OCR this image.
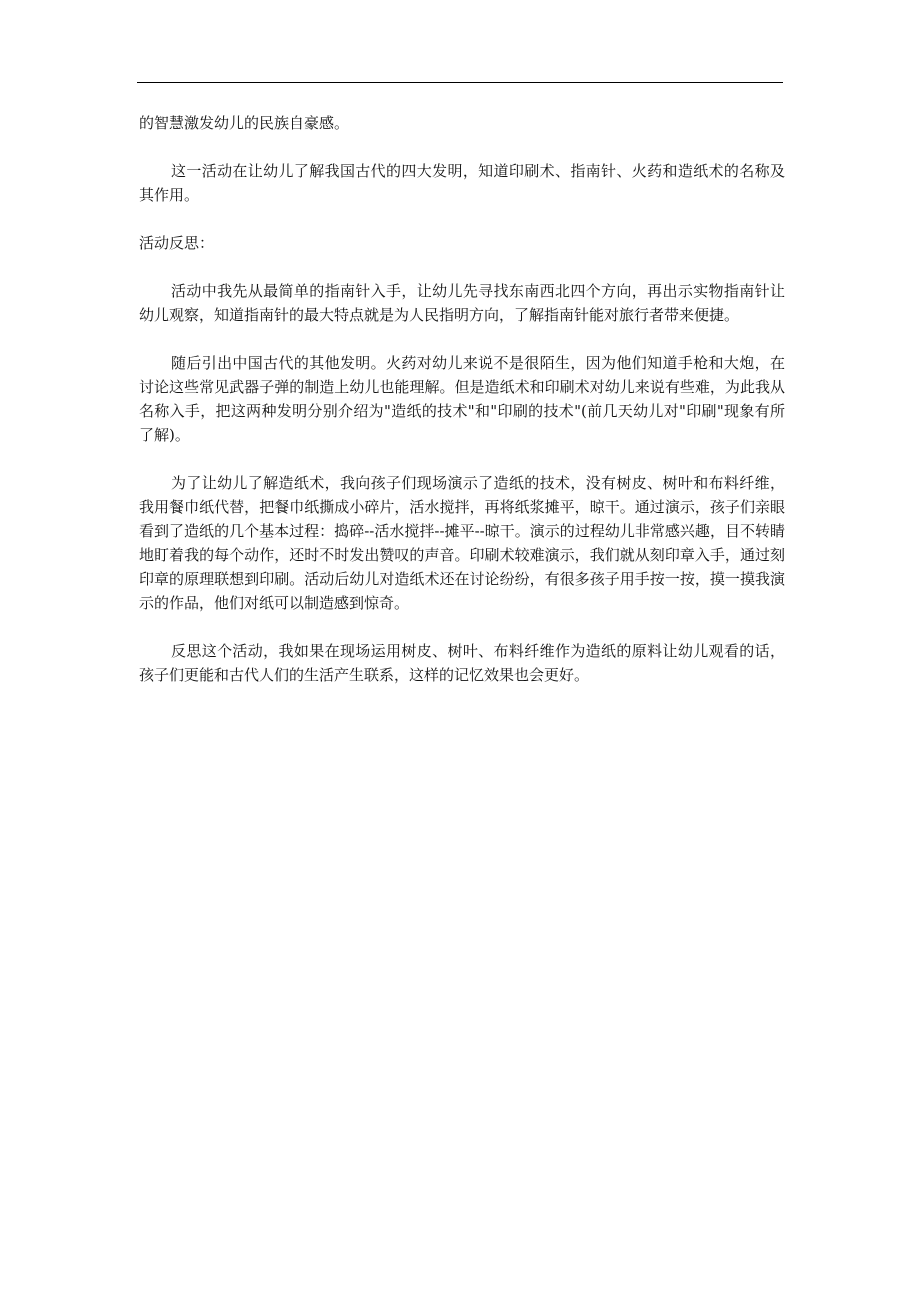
的智慧激发幼儿的民族自豪感。

这一活动在让幼儿了解我国古代的四大发明，知道印刷术、指南针、火药和造纸术的名称及其作用。

活动反思：

活动中我先从最简单的指南针入手，让幼儿先寻找东南西北四个方向，再出示实物指南针让幼儿观察，知道指南针的最大特点就是为人民指明方向，了解指南针能对旅行者带来便捷。

随后引出中国古代的其他发明。火药对幼儿来说不是很陌生，因为他们知道手枪和大炮，在讨论这些常见武器子弹的制造上幼儿也能理解。但是造纸术和印刷术对幼儿来说有些难，为此我从名称入手，把这两种发明分别介绍为"造纸的技术"和"印刷的技术"(前几天幼儿对"印刷"现象有所了解)。

为了让幼儿了解造纸术，我向孩子们现场演示了造纸的技术，没有树皮、树叶和布料纤维，我用餐巾纸代替，把餐巾纸撕成小碎片，活水搅拌，再将纸浆摊平，晾干。通过演示，孩子们亲眼看到了造纸的几个基本过程：捣碎--活水搅拌--摊平--晾干。演示的过程幼儿非常感兴趣，目不转睛地盯着我的每个动作，还时不时发出赞叹的声音。印刷术较难演示，我们就从刻印章入手，通过刻印章的原理联想到印刷。活动后幼儿对造纸术还在讨论纷纷，有很多孩子用手按一按，摸一摸我演示的作品，他们对纸可以制造感到惊奇。

反思这个活动，我如果在现场运用树皮、树叶、布料纤维作为造纸的原料让幼儿观看的话，孩子们更能和古代人们的生活产生联系，这样的记忆效果也会更好。
